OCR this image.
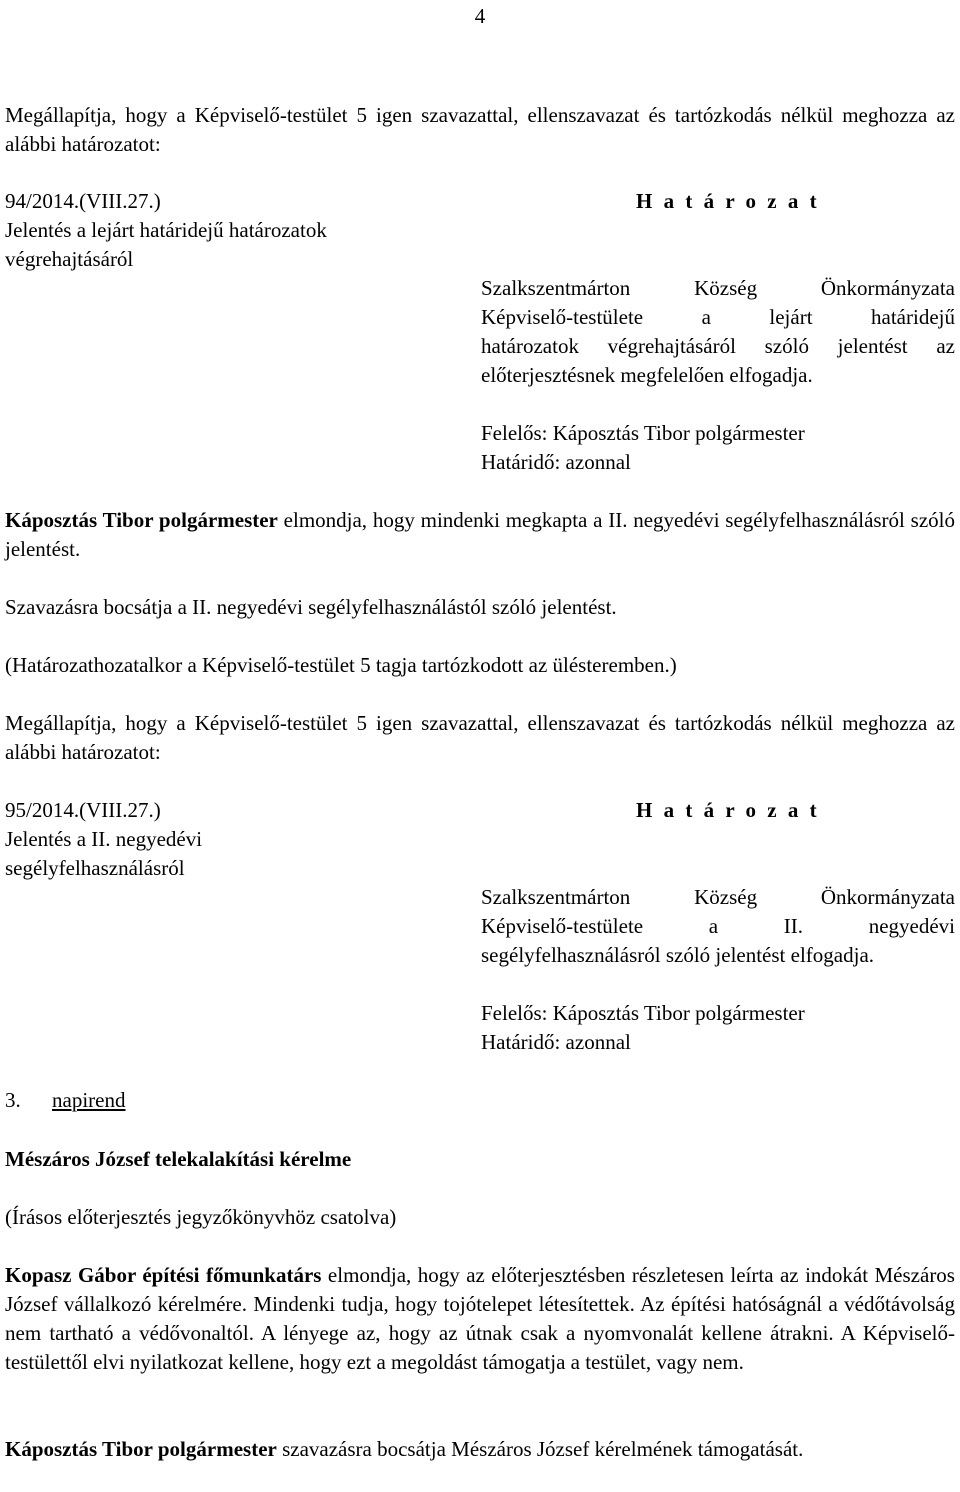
4

Megállapítja, hogy a Képviselő-testület 5 igen szavazattal, ellenszavazat és tartózkodás nélkül meghozza az alábbi határozatot:

94/2014.(VIII.27.)
Jelentés a lejárt határidejű határozatok
végrehajtásáról
H a t á r o z a t
Szalkszentmárton Község Önkormányzata
Képviselő-testülete a lejárt határidejű
határozatok végrehajtásáról szóló jelentést az
előterjesztésnek megfelelően elfogadja.
Felelős: Káposztás Tibor polgármester
Határidő: azonnal

Káposztás Tibor polgármester elmondja, hogy mindenki megkapta a II. negyedévi segélyfelhasználásról szóló jelentést.

Szavazásra bocsátja a II. negyedévi segélyfelhasználástól szóló jelentést.

(Határozathozatalkor a Képviselő-testület 5 tagja tartózkodott az ülésteremben.)

Megállapítja, hogy a Képviselő-testület 5 igen szavazattal, ellenszavazat és tartózkodás nélkül meghozza az alábbi határozatot:

95/2014.(VIII.27.)
Jelentés a II. negyedévi
segélyfelhasználásról
H a t á r o z a t
Szalkszentmárton Község Önkormányzata
Képviselő-testülete a II. negyedévi
segélyfelhasználásról szóló jelentést elfogadja.
Felelős: Káposztás Tibor polgármester
Határidő: azonnal
3. napirend
Mészáros József telekalakítási kérelme
(Írásos előterjesztés jegyzőkönyvhöz csatolva)

Kopasz Gábor építési főmunkatárs elmondja, hogy az előterjesztésben részletesen leírta az indokát Mészáros József vállalkozó kérelmére. Mindenki tudja, hogy tojótelepet létesítettek. Az építési hatóságnál a védőtávolság nem tartható a védővonaltól. A lényege az, hogy az útnak csak a nyomvonalát kellene átrakni. A Képviselő-testülettől elvi nyilatkozat kellene, hogy ezt a megoldást támogatja a testület, vagy nem.

Káposztás Tibor polgármester szavazásra bocsátja Mészáros József kérelmének támogatását.
